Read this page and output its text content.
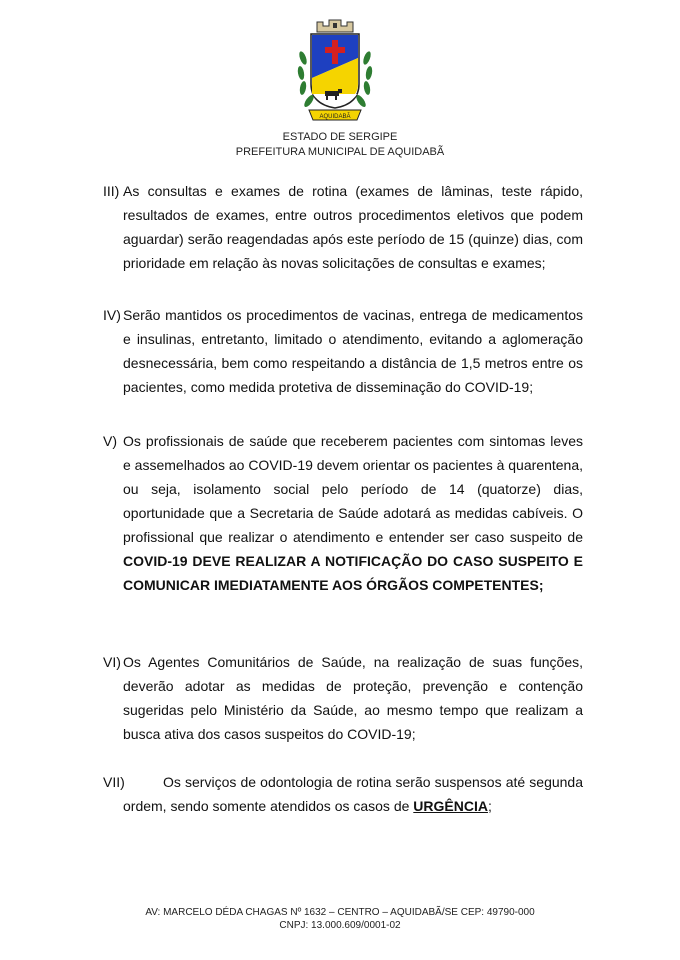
AQUIDABÃ
ESTADO DE SERGIPE
PREFEITURA MUNICIPAL DE AQUIDABÃ
III) As consultas e exames de rotina (exames de lâminas, teste rápido, resultados de exames, entre outros procedimentos eletivos que podem aguardar) serão reagendadas após este período de 15 (quinze) dias, com prioridade em relação às novas solicitações de consultas e exames;
IV) Serão mantidos os procedimentos de vacinas, entrega de medicamentos e insulinas, entretanto, limitado o atendimento, evitando a aglomeração desnecessária, bem como respeitando a distância de 1,5 metros entre os pacientes, como medida protetiva de disseminação do COVID-19;
V) Os profissionais de saúde que receberem pacientes com sintomas leves e assemelhados ao COVID-19 devem orientar os pacientes à quarentena, ou seja, isolamento social pelo período de 14 (quatorze) dias, oportunidade que a Secretaria de Saúde adotará as medidas cabíveis. O profissional que realizar o atendimento e entender ser caso suspeito de COVID-19 DEVE REALIZAR A NOTIFICAÇÃO DO CASO SUSPEITO E COMUNICAR IMEDIATAMENTE AOS ÓRGÃOS COMPETENTES;
VI) Os Agentes Comunitários de Saúde, na realização de suas funções, deverão adotar as medidas de proteção, prevenção e contenção sugeridas pelo Ministério da Saúde, ao mesmo tempo que realizam a busca ativa dos casos suspeitos do COVID-19;
VII)	Os serviços de odontologia de rotina serão suspensos até segunda ordem, sendo somente atendidos os casos de URGÊNCIA;
AV: MARCELO DÉDA CHAGAS Nº 1632 – CENTRO – AQUIDABÃ/SE CEP: 49790-000
CNPJ: 13.000.609/0001-02
